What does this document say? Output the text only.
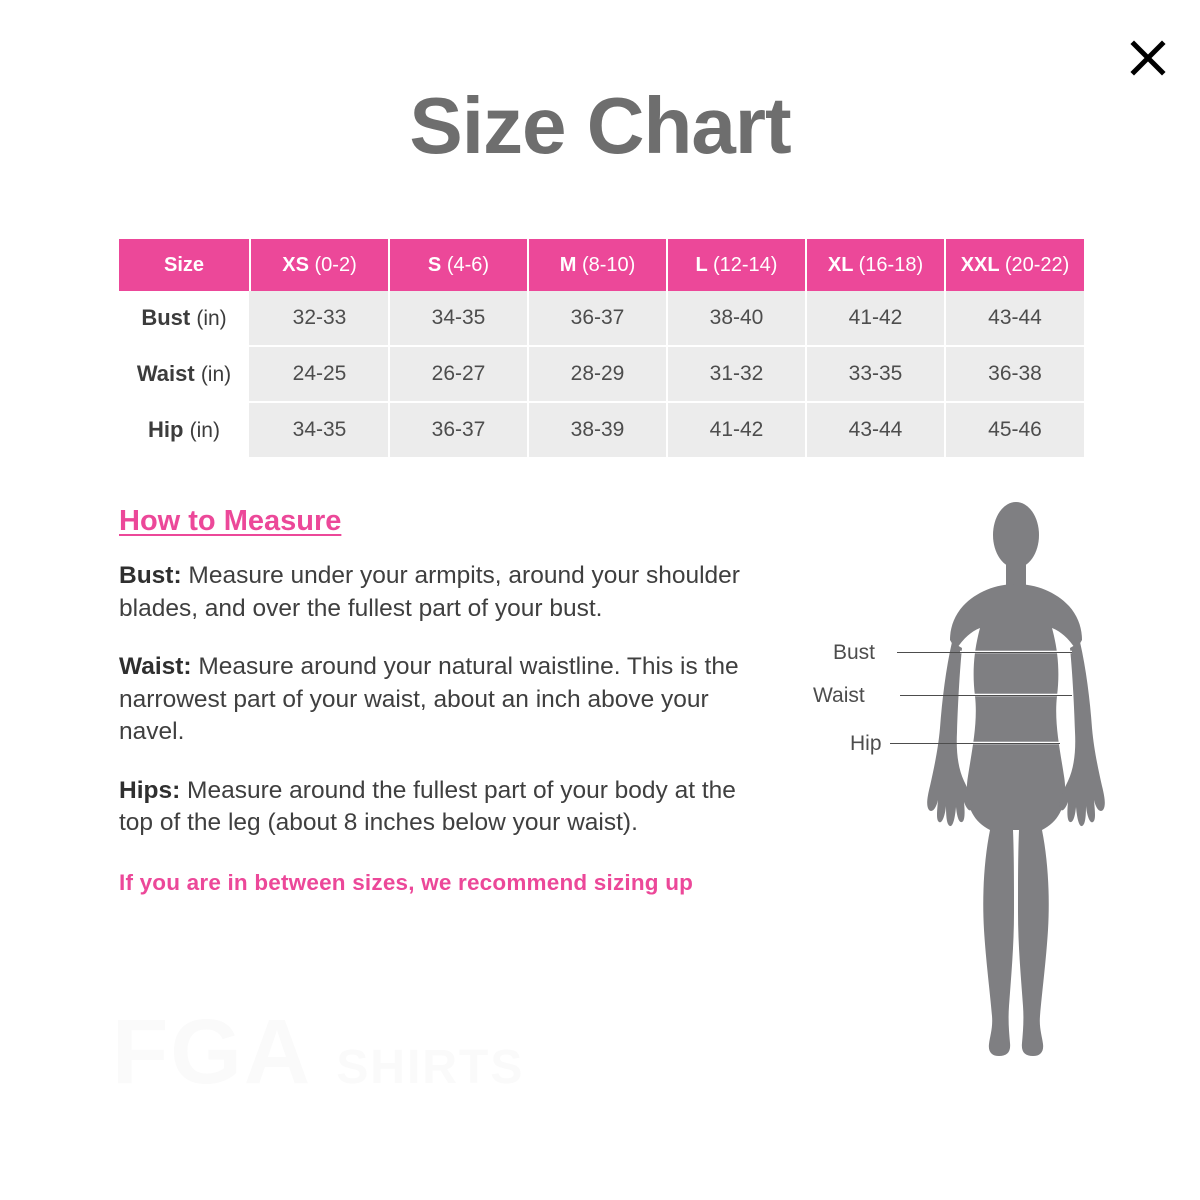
Size Chart
Size	XS (0-2)	S (4-6)	M (8-10)	L (12-14)	XL (16-18)	XXL (20-22)
Bust (in)	32-33	34-35	36-37	38-40	41-42	43-44
Waist (in)	24-25	26-27	28-29	31-32	33-35	36-38
Hip (in)	34-35	36-37	38-39	41-42	43-44	45-46
How to Measure

Bust: Measure under your armpits, around your shoulder blades, and over the fullest part of your bust.

Waist: Measure around your natural waistline. This is the narrowest part of your waist, about an inch above your navel.

Hips: Measure around the fullest part of your body at the top of the leg (about 8 inches below your waist).

If you are in between sizes, we recommend sizing up
Bust
Waist
Hip
FGA SHIRTS
